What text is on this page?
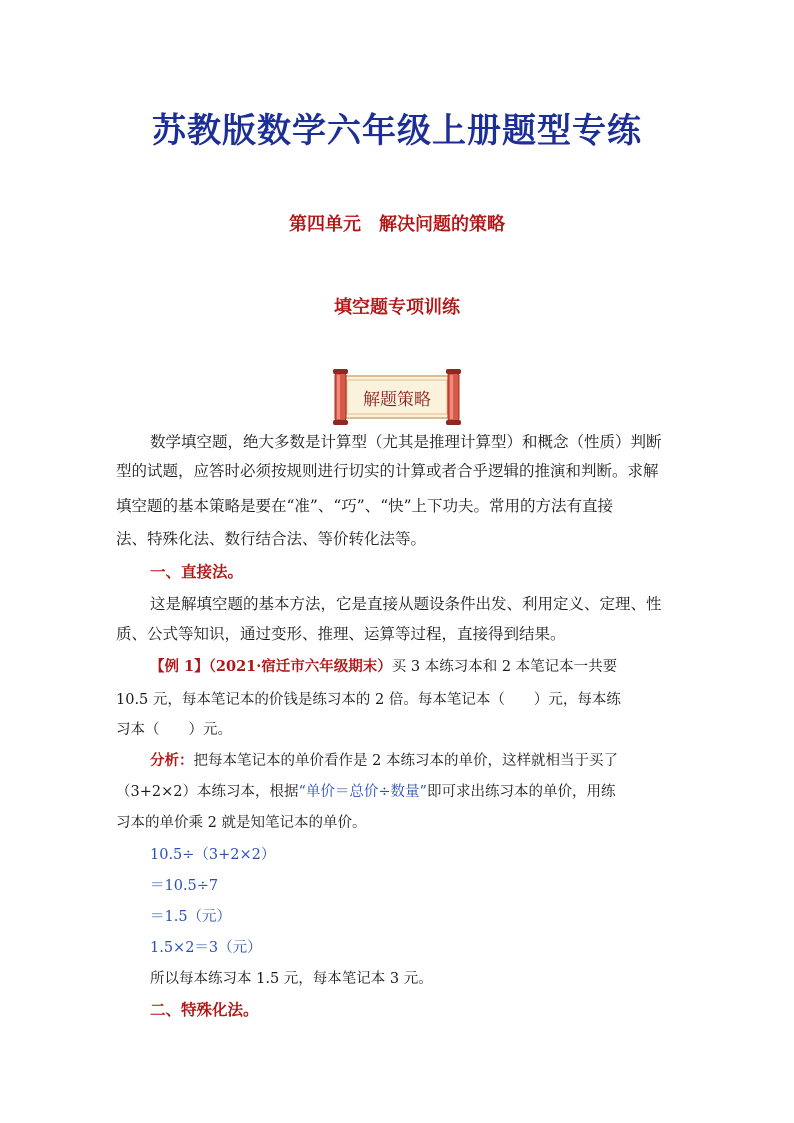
苏教版数学六年级上册题型专练
第四单元　解决问题的策略
填空题专项训练
解题策略
数学填空题，绝大多数是计算型（尤其是推理计算型）和概念（性质）判断
型的试题，应答时必须按规则进行切实的计算或者合乎逻辑的推演和判断。求解
填空题的基本策略是要在“准”、“巧”、“快”上下功夫。常用的方法有直接
法、特殊化法、数行结合法、等价转化法等。
一、直接法。
这是解填空题的基本方法，它是直接从题设条件出发、利用定义、定理、性
质、公式等知识，通过变形、推理、运算等过程，直接得到结果。
【例 1】（2021·宿迁市六年级期末）买 3 本练习本和 2 本笔记本一共要
10.5 元，每本笔记本的价钱是练习本的 2 倍。每本笔记本（　　）元，每本练
习本（　　）元。
分析：把每本笔记本的单价看作是 2 本练习本的单价，这样就相当于买了
（3+2×2）本练习本，根据“单价＝总价÷数量”即可求出练习本的单价，用练
习本的单价乘 2 就是知笔记本的单价。
10.5÷（3+2×2）
＝10.5÷7
＝1.5（元）
1.5×2＝3（元）
所以每本练习本 1.5 元，每本笔记本 3 元。
二、特殊化法。
